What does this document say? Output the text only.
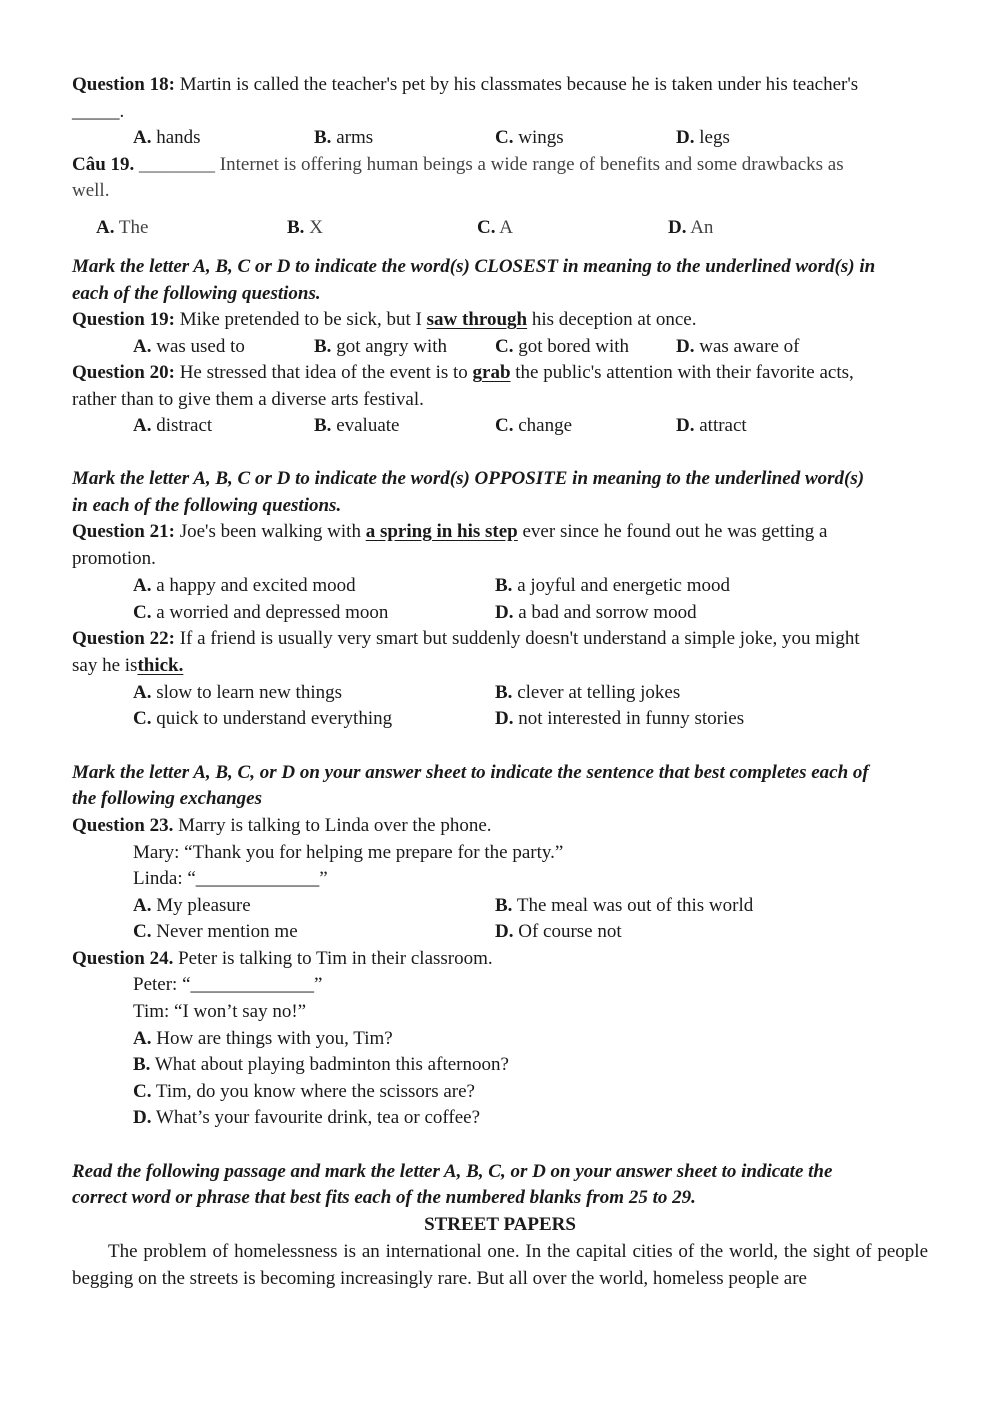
Question 18: Martin is called the teacher's pet by his classmates because he is taken under his teacher's
_____.
A. hands	B. arms	C. wings	D. legs
Câu 19. ________ Internet is offering human beings a wide range of benefits and some drawbacks as
well.
A. The	B. X	C. A	D. An
Mark the letter A, B, C or D to indicate the word(s) CLOSEST in meaning to the underlined word(s) in
each of the following questions.
Question 19: Mike pretended to be sick, but I saw through his deception at once.
A. was used to	B. got angry with	C. got bored with D. was aware of
Question 20: He stressed that idea of the event is to grab the public's attention with their favorite acts,
rather than to give them a diverse arts festival.
A. distract	B. evaluate	C. change	D. attract
Mark the letter A, B, C or D to indicate the word(s) OPPOSITE in meaning to the underlined word(s)
in each of the following questions.
Question 21: Joe's been walking with a spring in his step ever since he found out he was getting a
promotion.
A. a happy and excited mood	B. a joyful and energetic mood
C. a worried and depressed moon	D. a bad and sorrow mood
Question 22: If a friend is usually very smart but suddenly doesn't understand a simple joke, you might
say he isthick.
A. slow to learn new things	B. clever at telling jokes
C. quick to understand everything	D. not interested in funny stories
Mark the letter A, B, C, or D on your answer sheet to indicate the sentence that best completes each of
the following exchanges
Question 23. Marry is talking to Linda over the phone.
Mary: “Thank you for helping me prepare for the party.”
Linda: “_____________”
A. My pleasure	B. The meal was out of this world
C. Never mention me	D. Of course not
Question 24. Peter is talking to Tim in their classroom.
Peter: “_____________”
Tim: “I won’t say no!”
A. How are things with you, Tim?
B. What about playing badminton this afternoon?
C. Tim, do you know where the scissors are?
D. What’s your favourite drink, tea or coffee?
Read the following passage and mark the letter A, B, C, or D on your answer sheet to indicate the
correct word or phrase that best fits each of the numbered blanks from 25 to 29.
STREET PAPERS
The problem of homelessness is an international one. In the capital cities of the world, the sight of people begging on the streets is becoming increasingly rare. But all over the world, homeless people are
